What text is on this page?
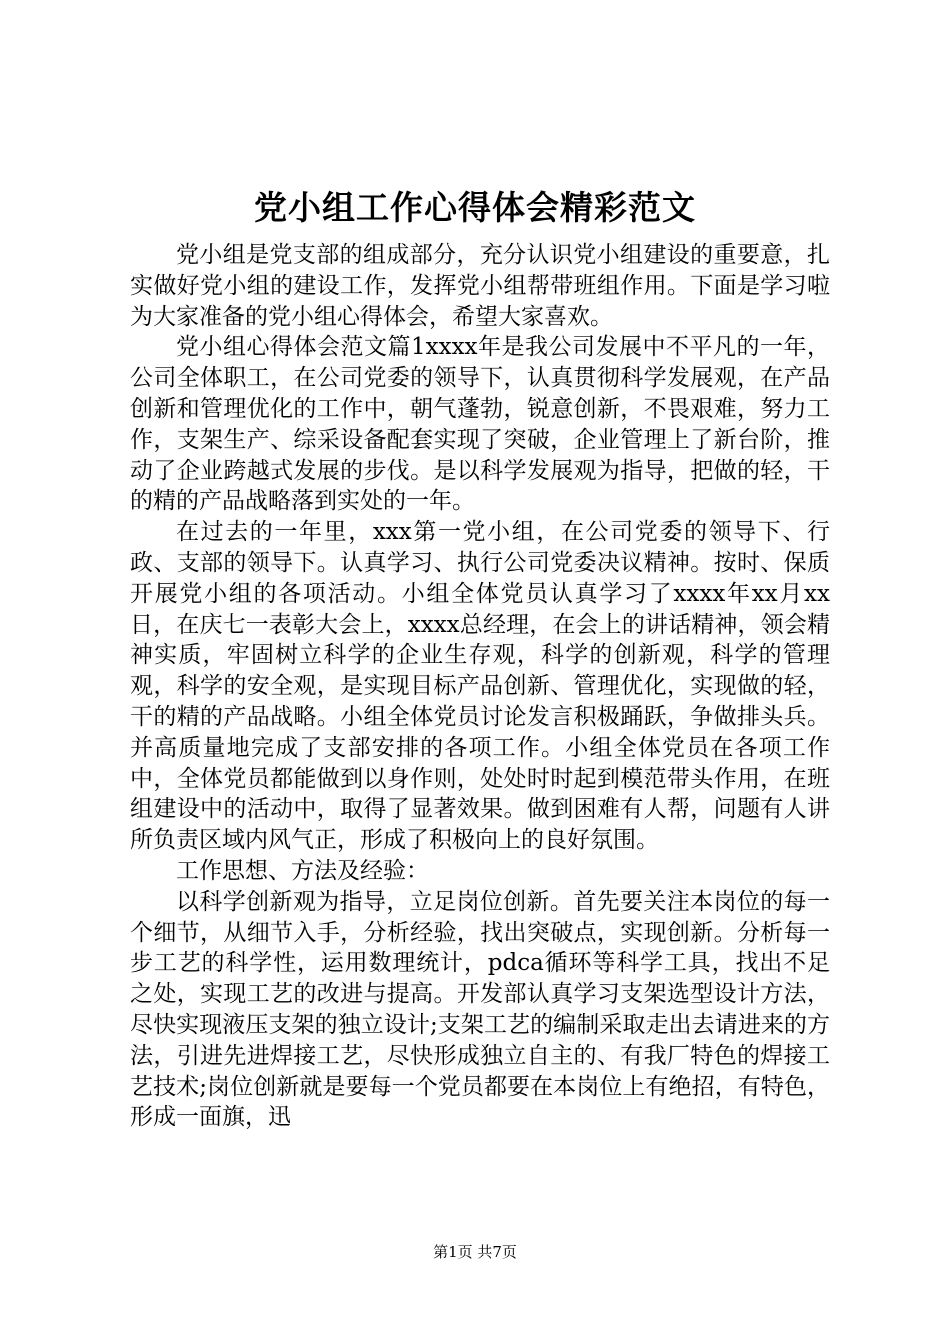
党小组工作心得体会精彩范文

党小组是党支部的组成部分，充分认识党小组建设的重要意，扎实做好党小组的建设工作，发挥党小组帮带班组作用。下面是学习啦为大家准备的党小组心得体会，希望大家喜欢。

党小组心得体会范文篇1xxxx年是我公司发展中不平凡的一年，公司全体职工，在公司党委的领导下，认真贯彻科学发展观，在产品创新和管理优化的工作中，朝气蓬勃，锐意创新，不畏艰难，努力工作，支架生产、综采设备配套实现了突破，企业管理上了新台阶，推动了企业跨越式发展的步伐。是以科学发展观为指导，把做的轻，干的精的产品战略落到实处的一年。

在过去的一年里，xxx第一党小组，在公司党委的领导下、行政、支部的领导下。认真学习、执行公司党委决议精神。按时、保质开展党小组的各项活动。小组全体党员认真学习了xxxx年xx月xx日，在庆七一表彰大会上，xxxx总经理，在会上的讲话精神，领会精神实质，牢固树立科学的企业生存观，科学的创新观，科学的管理观，科学的安全观，是实现目标产品创新、管理优化，实现做的轻，干的精的产品战略。小组全体党员讨论发言积极踊跃，争做排头兵。并高质量地完成了支部安排的各项工作。小组全体党员在各项工作中，全体党员都能做到以身作则，处处时时起到模范带头作用，在班组建设中的活动中，取得了显著效果。做到困难有人帮，问题有人讲所负责区域内风气正，形成了积极向上的良好氛围。

工作思想、方法及经验：

以科学创新观为指导，立足岗位创新。首先要关注本岗位的每一个细节，从细节入手，分析经验，找出突破点，实现创新。分析每一步工艺的科学性，运用数理统计，pdca循环等科学工具，找出不足之处，实现工艺的改进与提高。开发部认真学习支架选型设计方法，尽快实现液压支架的独立设计;支架工艺的编制采取走出去请进来的方法，引进先进焊接工艺，尽快形成独立自主的、有我厂特色的焊接工艺技术;岗位创新就是要每一个党员都要在本岗位上有绝招，有特色，形成一面旗，迅

第1页 共7页
